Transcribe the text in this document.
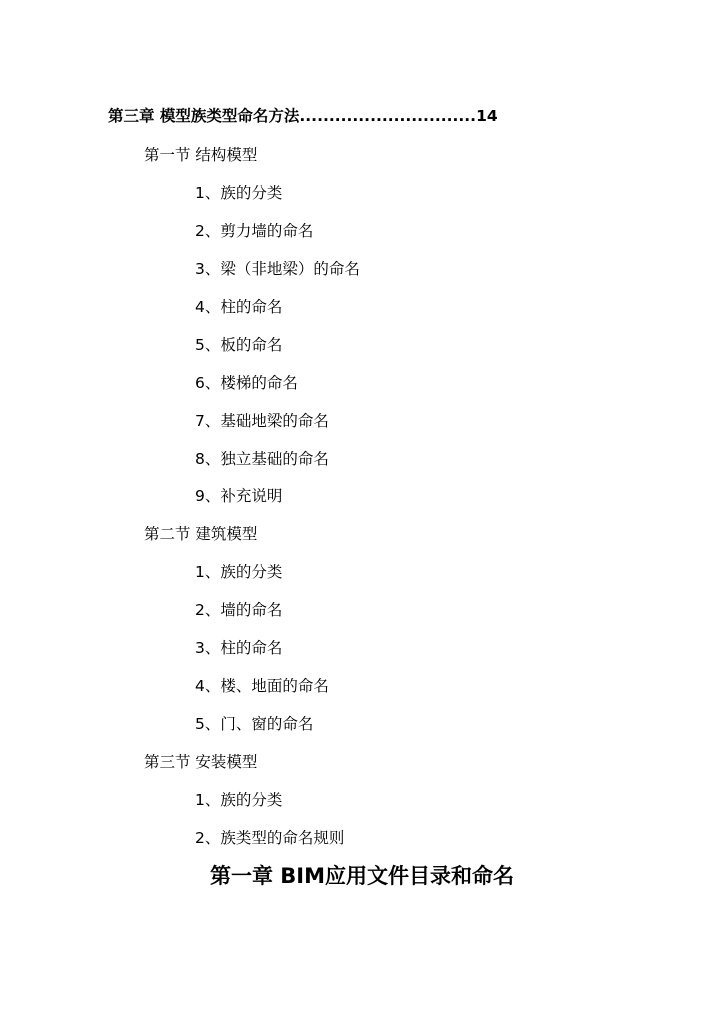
第三章 模型族类型命名方法..............................14
第一节 结构模型
1、族的分类
2、剪力墙的命名
3、梁（非地梁）的命名
4、柱的命名
5、板的命名
6、楼梯的命名
7、基础地梁的命名
8、独立基础的命名
9、补充说明
第二节 建筑模型
1、族的分类
2、墙的命名
3、柱的命名
4、楼、地面的命名
5、门、窗的命名
第三节 安装模型
1、族的分类
2、族类型的命名规则
第一章 BIM应用文件目录和命名
